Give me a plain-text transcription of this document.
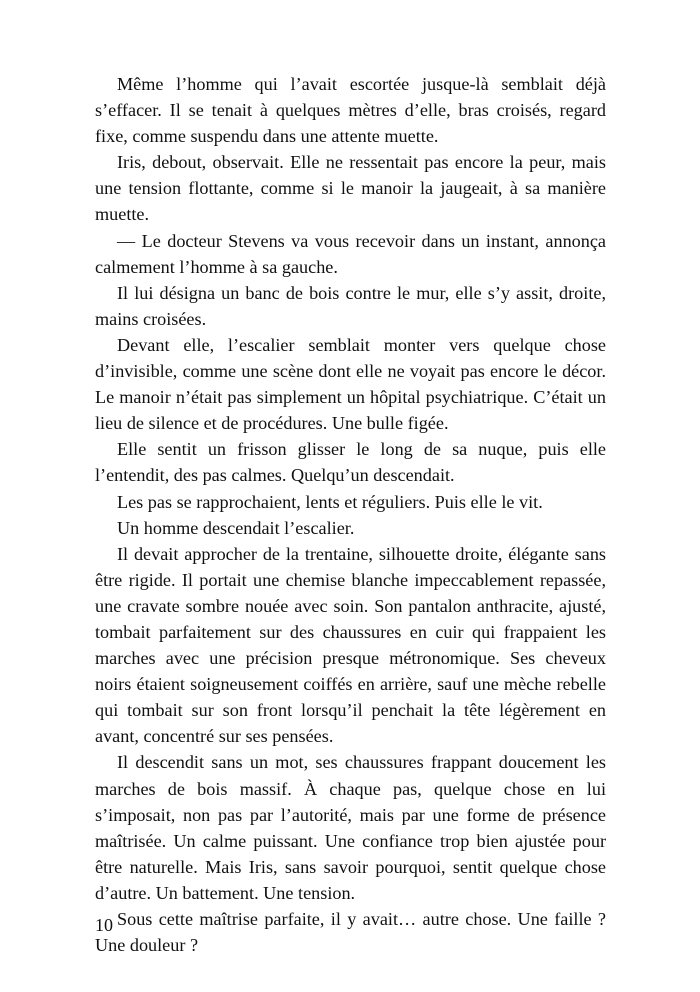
Même l’homme qui l’avait escortée jusque-là semblait déjà s’effacer. Il se tenait à quelques mètres d’elle, bras croisés, regard fixe, comme suspendu dans une attente muette.

Iris, debout, observait. Elle ne ressentait pas encore la peur, mais une tension flottante, comme si le manoir la jaugeait, à sa manière muette.

— Le docteur Stevens va vous recevoir dans un instant, annonça calmement l’homme à sa gauche.

Il lui désigna un banc de bois contre le mur, elle s’y assit, droite, mains croisées.

Devant elle, l’escalier semblait monter vers quelque chose d’invisible, comme une scène dont elle ne voyait pas encore le décor. Le manoir n’était pas simplement un hôpital psychiatrique. C’était un lieu de silence et de procédures. Une bulle figée.

Elle sentit un frisson glisser le long de sa nuque, puis elle l’entendit, des pas calmes. Quelqu’un descendait.

Les pas se rapprochaient, lents et réguliers. Puis elle le vit.

Un homme descendait l’escalier.

Il devait approcher de la trentaine, silhouette droite, élégante sans être rigide. Il portait une chemise blanche impeccablement repassée, une cravate sombre nouée avec soin. Son pantalon anthracite, ajusté, tombait parfaitement sur des chaussures en cuir qui frappaient les marches avec une précision presque métronomique. Ses cheveux noirs étaient soigneusement coiffés en arrière, sauf une mèche rebelle qui tombait sur son front lorsqu’il penchait la tête légèrement en avant, concentré sur ses pensées.

Il descendit sans un mot, ses chaussures frappant doucement les marches de bois massif. À chaque pas, quelque chose en lui s’imposait, non pas par l’autorité, mais par une forme de présence maîtrisée. Un calme puissant. Une confiance trop bien ajustée pour être naturelle. Mais Iris, sans savoir pourquoi, sentit quelque chose d’autre. Un battement. Une tension.

Sous cette maîtrise parfaite, il y avait… autre chose. Une faille ? Une douleur ?

10
